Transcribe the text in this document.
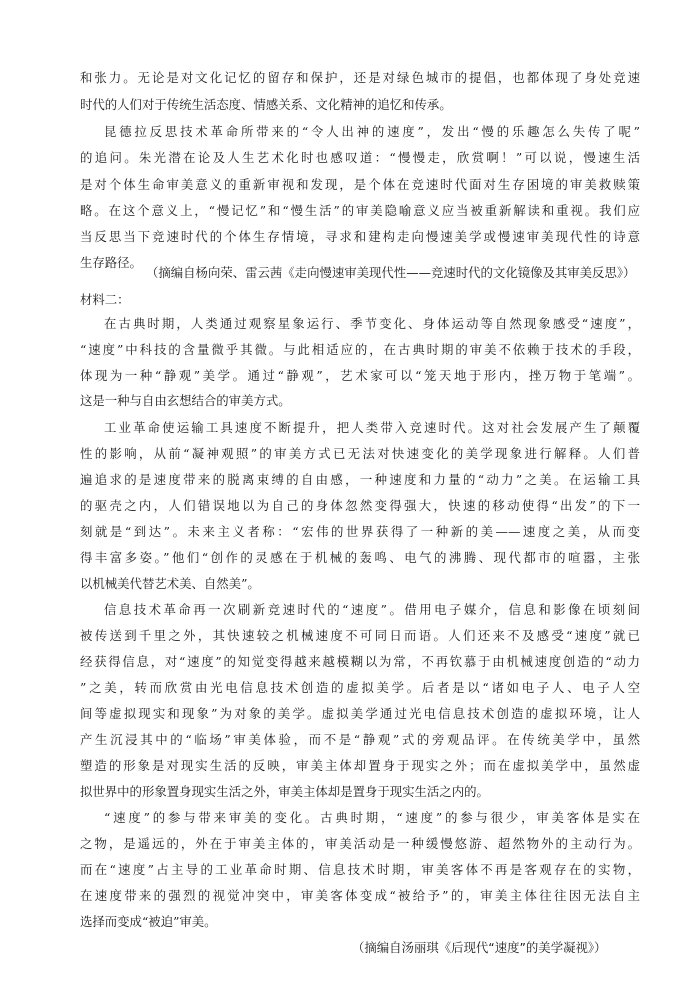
和张力。无论是对文化记忆的留存和保护，还是对绿色城市的提倡，也都体现了身处竞速
时代的人们对于传统生活态度、情感关系、文化精神的追忆和传承。
昆德拉反思技术革命所带来的“令人出神的速度”，发出“慢的乐趣怎么失传了呢”
的追问。朱光潜在论及人生艺术化时也感叹道：“慢慢走，欣赏啊！”可以说，慢速生活
是对个体生命审美意义的重新审视和发现，是个体在竞速时代面对生存困境的审美救赎策
略。在这个意义上，“慢记忆”和“慢生活”的审美隐喻意义应当被重新解读和重视。我们应
当反思当下竞速时代的个体生存情境，寻求和建构走向慢速美学或慢速审美现代性的诗意
生存路径。
（摘编自杨向荣、雷云茜《走向慢速审美现代性——竞速时代的文化镜像及其审美反思》）
材料二：
在古典时期，人类通过观察星象运行、季节变化、身体运动等自然现象感受“速度”，
“速度”中科技的含量微乎其微。与此相适应的，在古典时期的审美不依赖于技术的手段，
体现为一种“静观”美学。通过“静观”，艺术家可以“笼天地于形内，挫万物于笔端”。
这是一种与自由玄想结合的审美方式。
工业革命使运输工具速度不断提升，把人类带入竞速时代。这对社会发展产生了颠覆
性的影响，从前“凝神观照”的审美方式已无法对快速变化的美学现象进行解释。人们普
遍追求的是速度带来的脱离束缚的自由感，一种速度和力量的“动力”之美。在运输工具
的驱壳之内，人们错误地以为自己的身体忽然变得强大，快速的移动使得“出发”的下一
刻就是“到达”。未来主义者称：“宏伟的世界获得了一种新的美——速度之美，从而变
得丰富多姿。”他们“创作的灵感在于机械的轰鸣、电气的沸腾、现代都市的喧嚣，主张
以机械美代替艺术美、自然美”。
信息技术革命再一次刷新竞速时代的“速度”。借用电子媒介，信息和影像在顷刻间
被传送到千里之外，其快速较之机械速度不可同日而语。人们还来不及感受“速度”就已
经获得信息，对“速度”的知觉变得越来越模糊以为常，不再钦慕于由机械速度创造的“动力
”之美，转而欣赏由光电信息技术创造的虚拟美学。后者是以“诸如电子人、电子人空
间等虚拟现实和现象”为对象的美学。虚拟美学通过光电信息技术创造的虚拟环境，让人
产生沉浸其中的“临场”审美体验，而不是“静观”式的旁观品评。在传统美学中，虽然
塑造的形象是对现实生活的反映，审美主体却置身于现实之外；而在虚拟美学中，虽然虚
拟世界中的形象置身现实生活之外，审美主体却是置身于现实生活之内的。
“速度”的参与带来审美的变化。古典时期，“速度”的参与很少，审美客体是实在
之物，是遥远的，外在于审美主体的，审美活动是一种缓慢悠游、超然物外的主动行为。
而在“速度”占主导的工业革命时期、信息技术时期，审美客体不再是客观存在的实物，
在速度带来的强烈的视觉冲突中，审美客体变成“被给予”的，审美主体往往因无法自主
选择而变成“被迫”审美。
（摘编自汤丽琪《后现代“速度”的美学凝视》）
